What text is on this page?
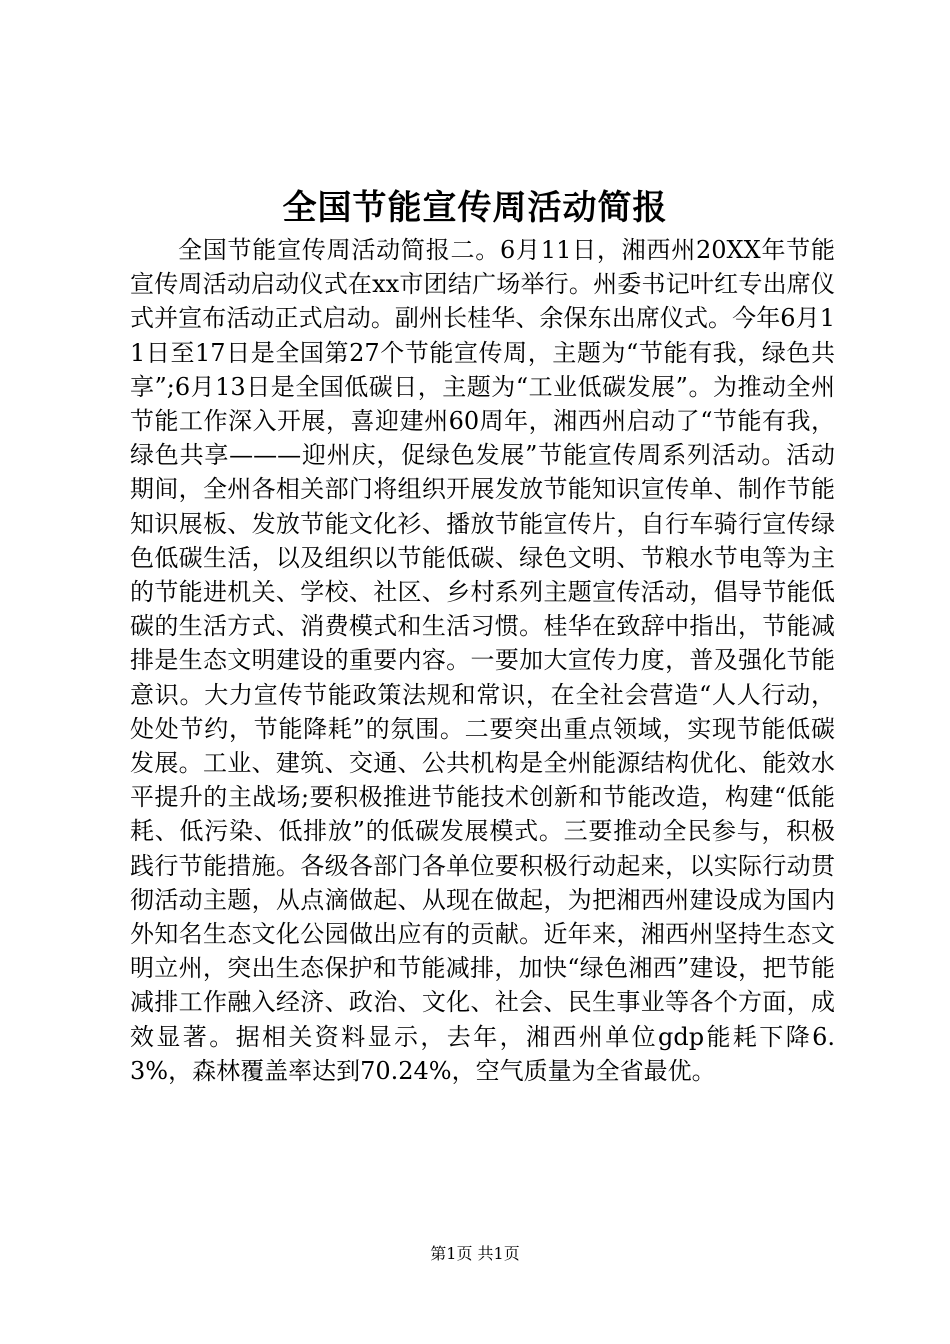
全国节能宣传周活动简报

全国节能宣传周活动简报二。6月11日，湘西州20XX年节能宣传周活动启动仪式在xx市团结广场举行。州委书记叶红专出席仪式并宣布活动正式启动。副州长桂华、余保东出席仪式。今年6月11日至17日是全国第27个节能宣传周，主题为“节能有我，绿色共享”;6月13日是全国低碳日，主题为“工业低碳发展”。为推动全州节能工作深入开展，喜迎建州60周年，湘西州启动了“节能有我，绿色共享———迎州庆，促绿色发展”节能宣传周系列活动。活动期间，全州各相关部门将组织开展发放节能知识宣传单、制作节能知识展板、发放节能文化衫、播放节能宣传片，自行车骑行宣传绿色低碳生活，以及组织以节能低碳、绿色文明、节粮水节电等为主的节能进机关、学校、社区、乡村系列主题宣传活动，倡导节能低碳的生活方式、消费模式和生活习惯。桂华在致辞中指出，节能减排是生态文明建设的重要内容。一要加大宣传力度，普及强化节能意识。大力宣传节能政策法规和常识，在全社会营造“人人行动，处处节约，节能降耗”的氛围。二要突出重点领域，实现节能低碳发展。工业、建筑、交通、公共机构是全州能源结构优化、能效水平提升的主战场;要积极推进节能技术创新和节能改造，构建“低能耗、低污染、低排放”的低碳发展模式。三要推动全民参与，积极践行节能措施。各级各部门各单位要积极行动起来，以实际行动贯彻活动主题，从点滴做起、从现在做起，为把湘西州建设成为国内外知名生态文化公园做出应有的贡献。近年来，湘西州坚持生态文明立州，突出生态保护和节能减排，加快“绿色湘西”建设，把节能减排工作融入经济、政治、文化、社会、民生事业等各个方面，成效显著。据相关资料显示，去年，湘西州单位gdp能耗下降6.3%，森林覆盖率达到70.24%，空气质量为全省最优。

第1页 共1页
